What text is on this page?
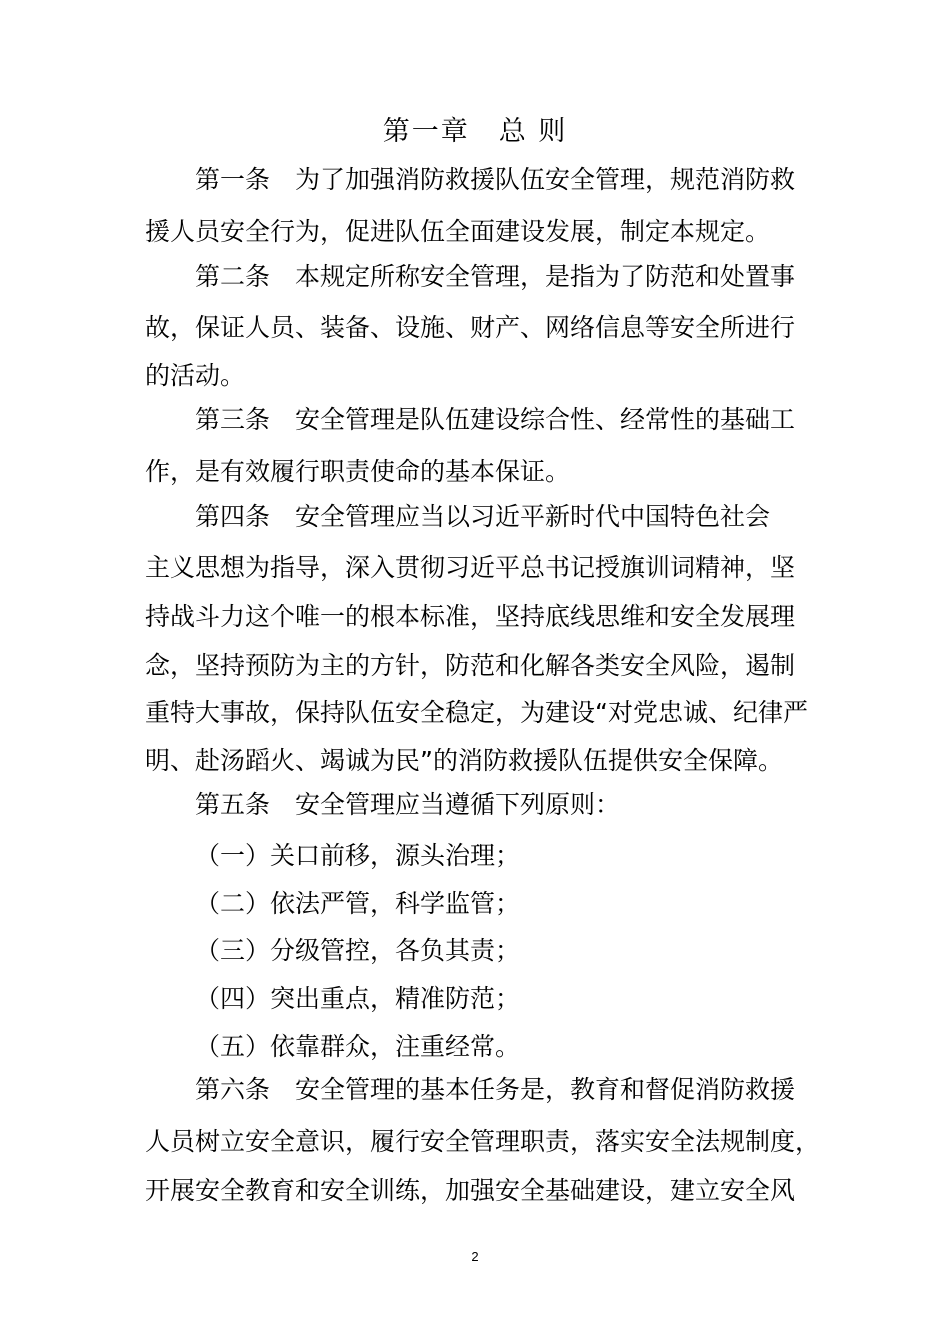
第一章　总 则
第一条　为了加强消防救援队伍安全管理，规范消防救
援人员安全行为，促进队伍全面建设发展，制定本规定。
第二条　本规定所称安全管理，是指为了防范和处置事
故，保证人员、装备、设施、财产、网络信息等安全所进行
的活动。
第三条　安全管理是队伍建设综合性、经常性的基础工
作，是有效履行职责使命的基本保证。
第四条　安全管理应当以习近平新时代中国特色社会
主义思想为指导，深入贯彻习近平总书记授旗训词精神，坚
持战斗力这个唯一的根本标准，坚持底线思维和安全发展理
念，坚持预防为主的方针，防范和化解各类安全风险，遏制
重特大事故，保持队伍安全稳定，为建设“对党忠诚、纪律严
明、赴汤蹈火、竭诚为民”的消防救援队伍提供安全保障。
第五条　安全管理应当遵循下列原则：
（一）关口前移，源头治理；
（二）依法严管，科学监管；
（三）分级管控，各负其责；
（四）突出重点，精准防范；
（五）依靠群众，注重经常。
第六条　安全管理的基本任务是，教育和督促消防救援
人员树立安全意识，履行安全管理职责，落实安全法规制度，
开展安全教育和安全训练，加强安全基础建设，建立安全风
2
